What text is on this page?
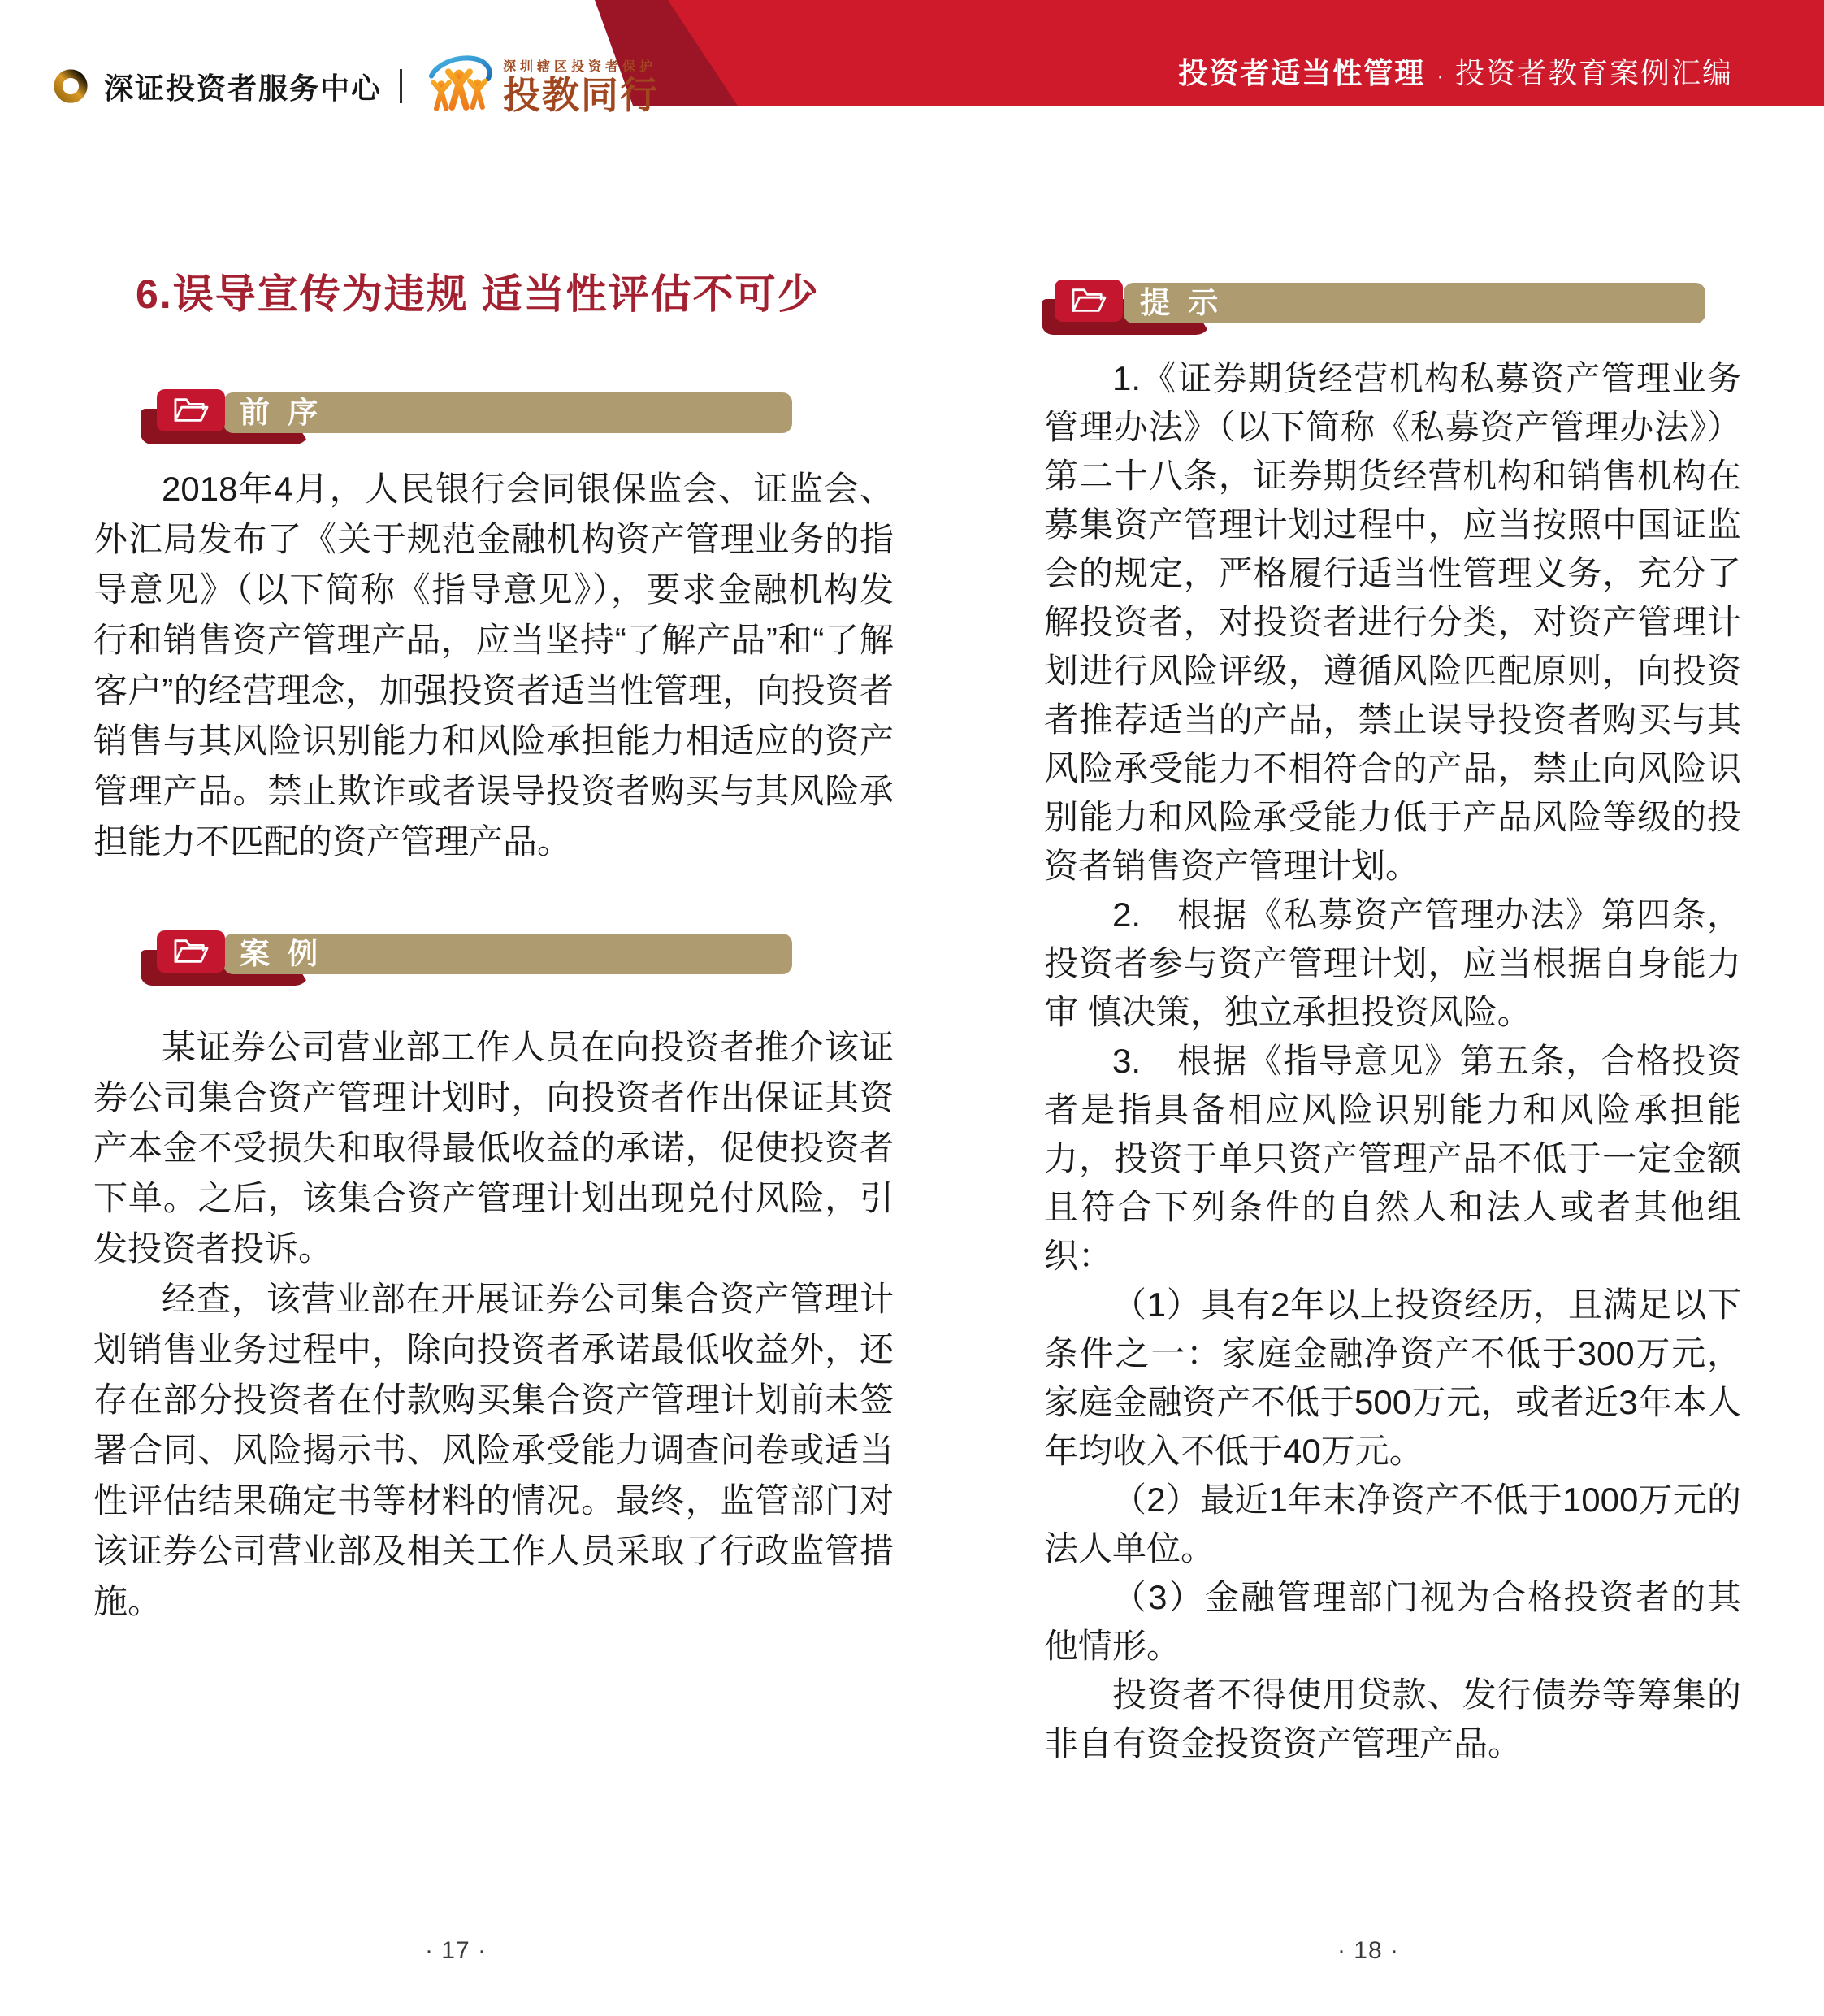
投资者适当性管理 · 投资者教育案例汇编
深证投资者服务中心
深圳辖区投资者保护
投教同行
6.误导宣传为违规 适当性评估不可少
前 序

2018年4月，人民银行会同银保监会、证监会、外汇局发布了《关于规范金融机构资产管理业务的指导意见》（以下简称《指导意见》），要求金融机构发行和销售资产管理产品，应当坚持“了解产品”和“了解客户”的经营理念，加强投资者适当性管理，向投资者销售与其风险识别能力和风险承担能力相适应的资产管理产品。禁止欺诈或者误导投资者购买与其风险承担能力不匹配的资产管理产品。

案 例

某证券公司营业部工作人员在向投资者推介该证券公司集合资产管理计划时，向投资者作出保证其资产本金不受损失和取得最低收益的承诺，促使投资者下单。之后，该集合资产管理计划出现兑付风险，引发投资者投诉。

经查，该营业部在开展证券公司集合资产管理计划销售业务过程中，除向投资者承诺最低收益外，还存在部分投资者在付款购买集合资产管理计划前未签署合同、风险揭示书、风险承受能力调查问卷或适当性评估结果确定书等材料的情况。最终，监管部门对该证券公司营业部及相关工作人员采取了行政监管措施。

提 示

1.《证券期货经营机构私募资产管理业务管理办法》（以下简称《私募资产管理办法》）第二十八条，证券期货经营机构和销售机构在募集资产管理计划过程中，应当按照中国证监会的规定，严格履行适当性管理义务，充分了解投资者，对投资者进行分类，对资产管理计划进行风险评级，遵循风险匹配原则，向投资者推荐适当的产品，禁止误导投资者购买与其风险承受能力不相符合的产品，禁止向风险识别能力和风险承受能力低于产品风险等级的投资者销售资产管理计划。

2.　根据《私募资产管理办法》第四条，投资者参与资产管理计划，应当根据自身能力审 慎决策，独立承担投资风险。

3.　根据《指导意见》第五条，合格投资者是指具备相应风险识别能力和风险承担能力，投资于单只资产管理产品不低于一定金额且符合下列条件的自然人和法人或者其他组织：

（1）具有2年以上投资经历，且满足以下条件之一：家庭金融净资产不低于300万元，家庭金融资产不低于500万元，或者近3年本人年均收入不低于40万元。

（2）最近1年末净资产不低于1000万元的法人单位。

（3）金融管理部门视为合格投资者的其他情形。

投资者不得使用贷款、发行债券等筹集的非自有资金投资资产管理产品。

· 17 ·	· 18 ·
